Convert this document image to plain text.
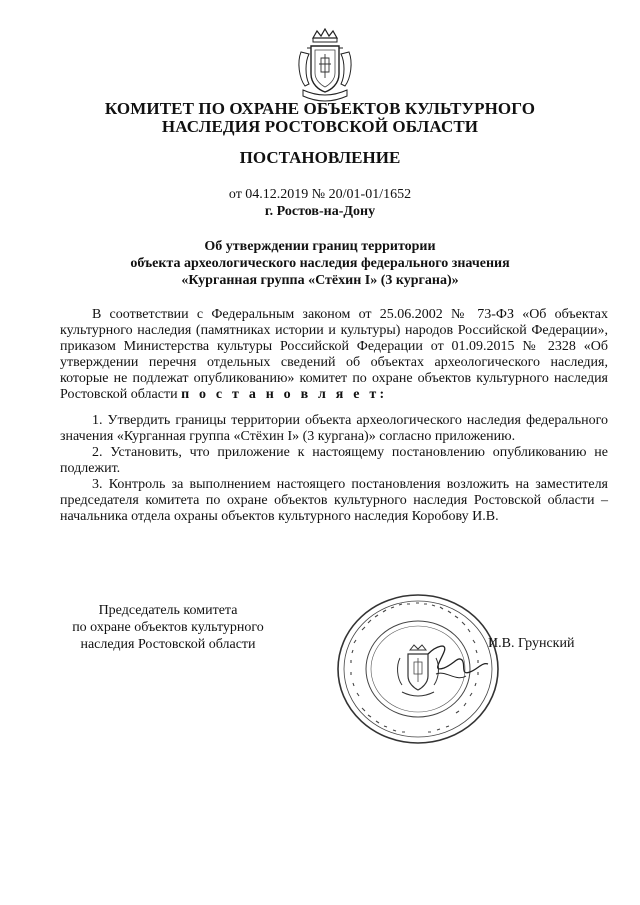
КОМИТЕТ ПО ОХРАНЕ ОБЪЕКТОВ КУЛЬТУРНОГО
НАСЛЕДИЯ РОСТОВСКОЙ ОБЛАСТИ
ПОСТАНОВЛЕНИЕ
от 04.12.2019 № 20/01-01/1652
г. Ростов-на-Дону
Об утверждении границ территории
объекта археологического наследия федерального значения
«Курганная группа «Стёхин I» (3 кургана)»

В соответствии с Федеральным законом от 25.06.2002 № 73-ФЗ «Об объектах культурного наследия (памятниках истории и культуры) народов Российской Федерации», приказом Министерства культуры Российской Федерации от 01.09.2015 № 2328 «Об утверждении перечня отдельных сведений об объектах археологического наследия, которые не подлежат опубликованию» комитет по охранe объектов культурного наследия Ростовской области п о с т а н о в л я е т:

1. Утвердить границы территории объекта археологического наследия федерального значения «Курганная группа «Стёхин I» (3 кургана)» согласно приложению.

2. Установить, что приложение к настоящему постановлению опубликованию не подлежит.

3. Контроль за выполнением настоящего постановления возложить на заместителя председателя комитета по охране объектов культурного наследия Ростовской области – начальника отдела охраны объектов культурного наследия Коробову И.В.

Председатель комитета
по охране объектов культурного
наследия Ростовской области	И.В. Грунский
